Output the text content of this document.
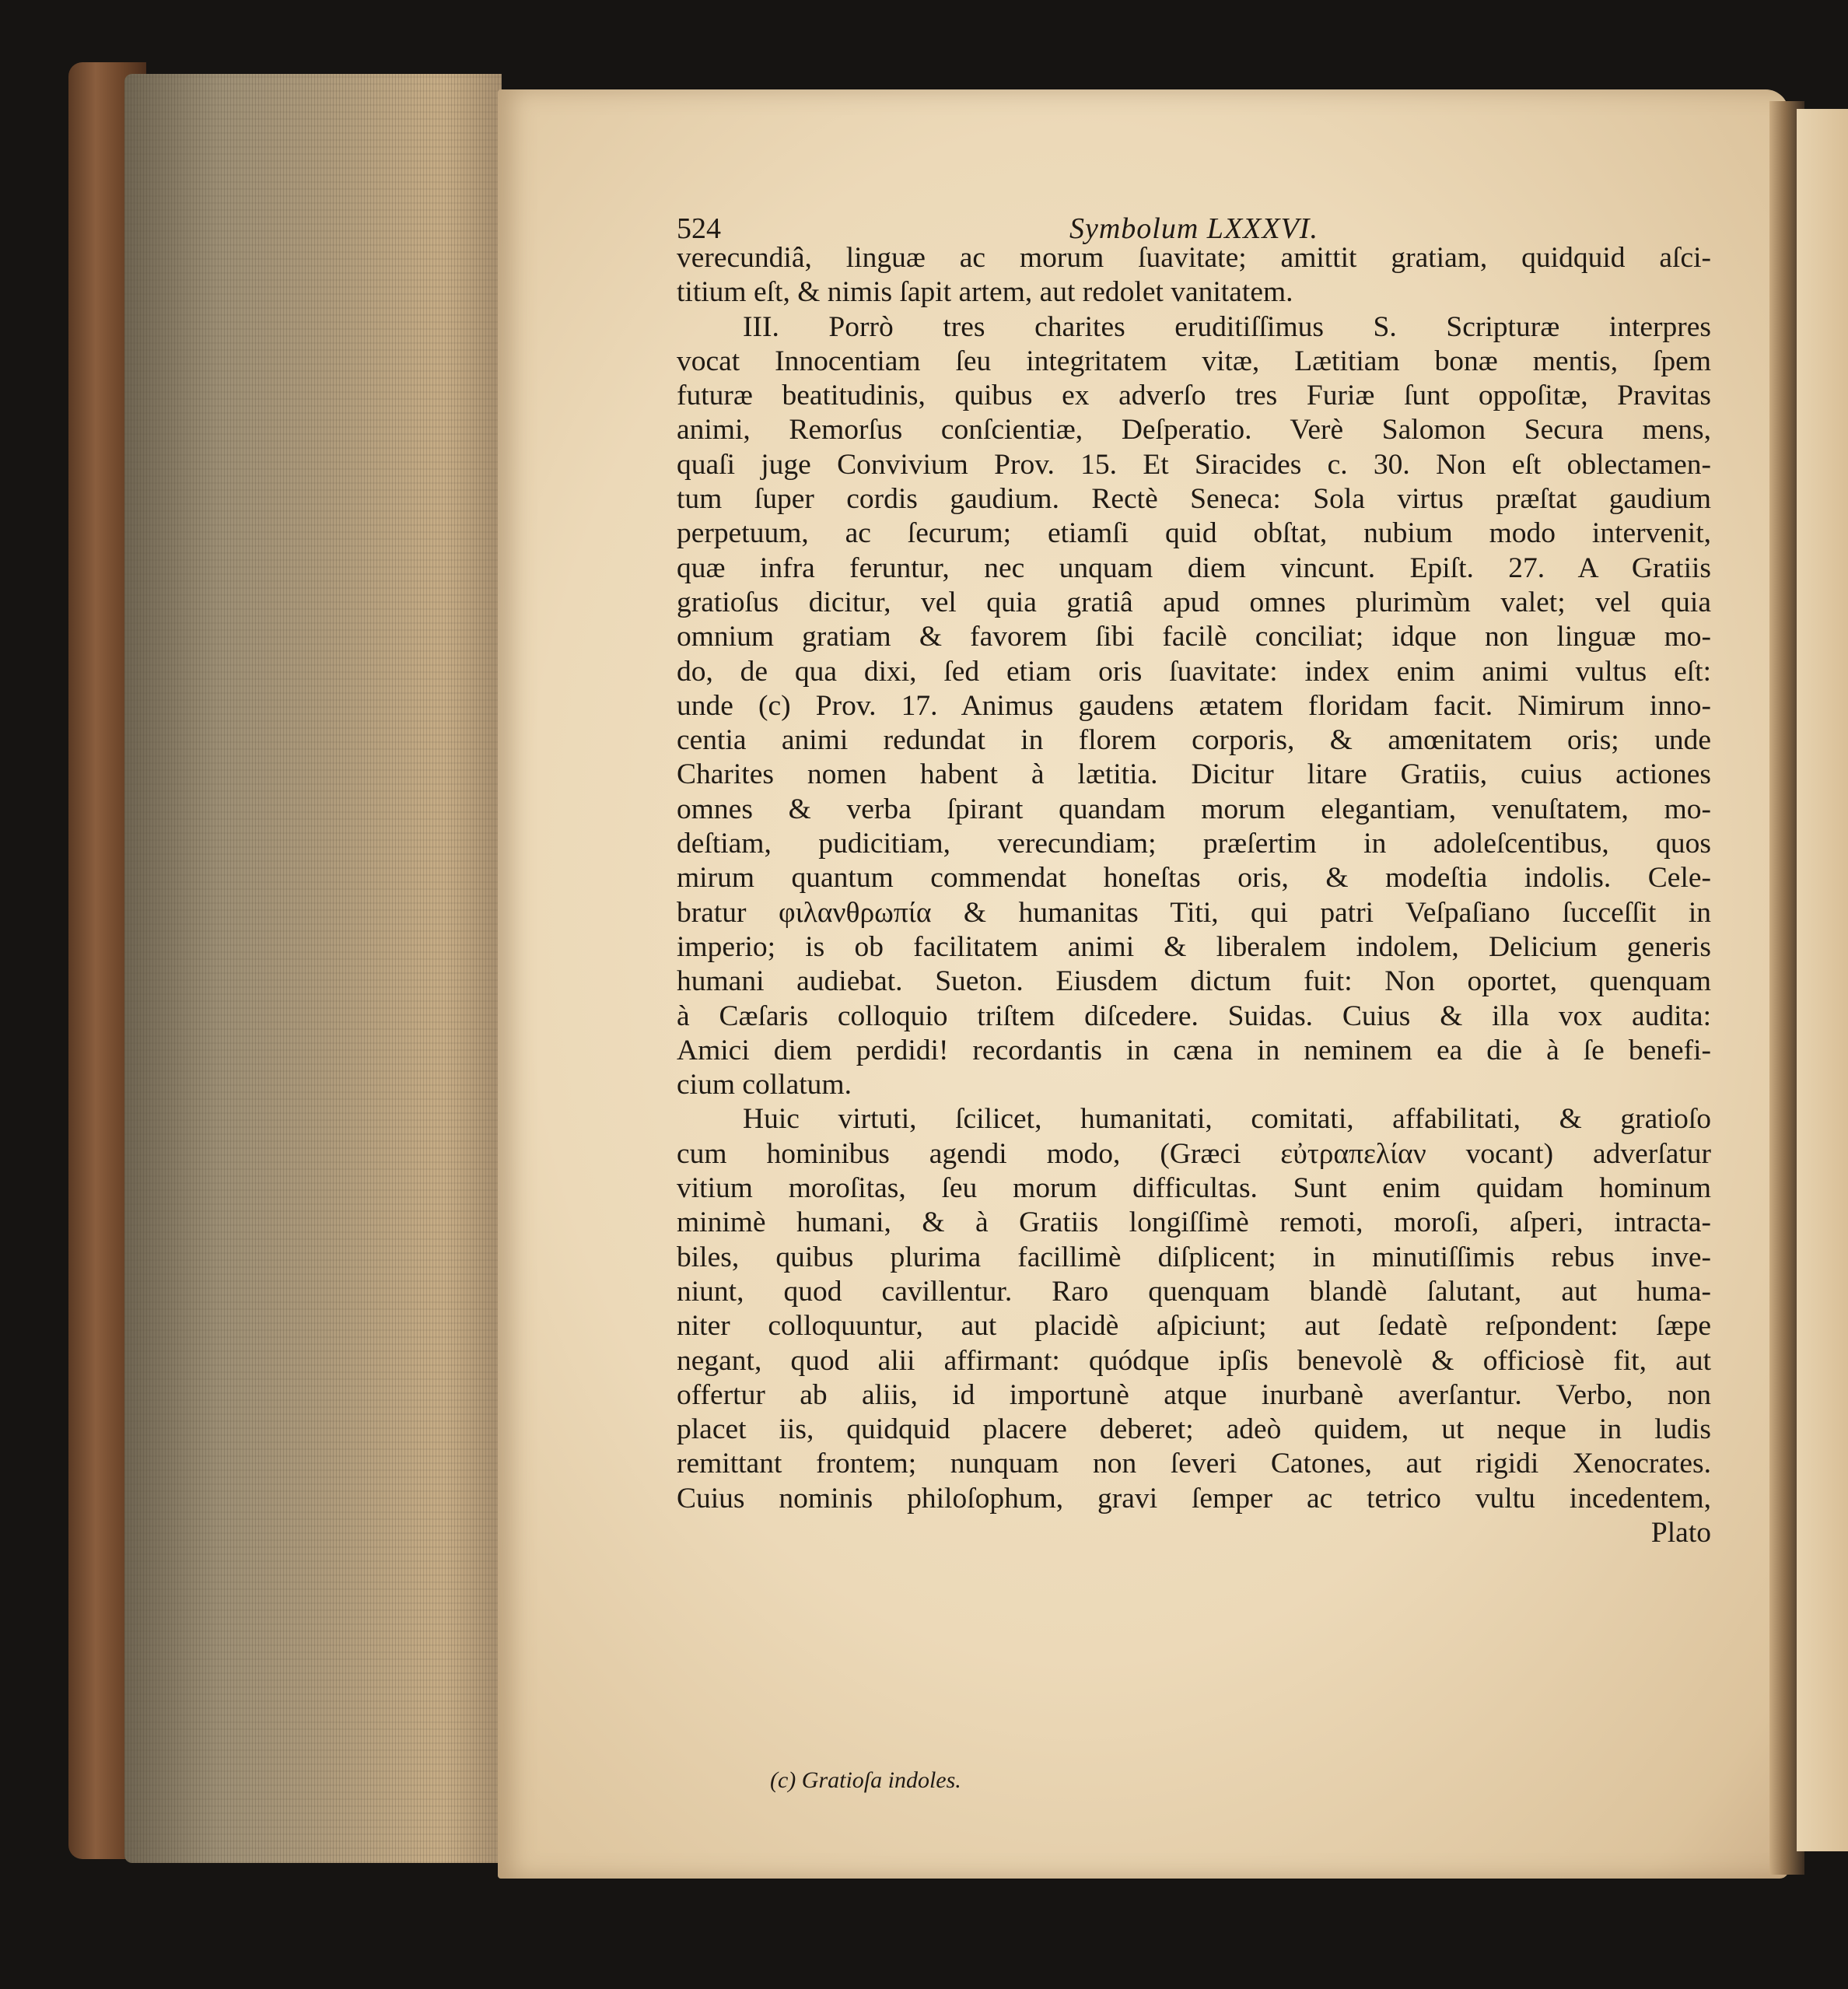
524	Symbolum LXXXVI.
verecundiâ, linguæ ac morum ſuavitate; amittit gratiam, quidquid aſci-
titium eſt, & nimis ſapit artem, aut redolet vanitatem.
III. Porrò tres charites eruditiſſimus S. Scripturæ interpres
vocat Innocentiam ſeu integritatem vitæ, Lætitiam bonæ mentis, ſpem
futuræ beatitudinis, quibus ex adverſo tres Furiæ ſunt oppoſitæ, Pravitas
animi, Remorſus conſcientiæ, Deſperatio. Verè Salomon Secura mens,
quaſi juge Convivium Prov. 15. Et Siracides c. 30. Non eſt oblectamen-
tum ſuper cordis gaudium. Rectè Seneca: Sola virtus præſtat gaudium
perpetuum, ac ſecurum; etiamſi quid obſtat, nubium modo intervenit,
quæ infra feruntur, nec unquam diem vincunt. Epiſt. 27. A Gratiis
gratioſus dicitur, vel quia gratiâ apud omnes plurimùm valet; vel quia
omnium gratiam & favorem ſibi facilè conciliat; idque non linguæ mo-
do, de qua dixi, ſed etiam oris ſuavitate: index enim animi vultus eſt:
unde (c) Prov. 17. Animus gaudens ætatem floridam facit. Nimirum inno-
centia animi redundat in florem corporis, & amœnitatem oris; unde
Charites nomen habent à lætitia. Dicitur litare Gratiis, cuius actiones
omnes & verba ſpirant quandam morum elegantiam, venuſtatem, mo-
deſtiam, pudicitiam, verecundiam; præſertim in adoleſcentibus, quos
mirum quantum commendat honeſtas oris, & modeſtia indolis. Cele-
bratur φιλανθρωπία & humanitas Titi, qui patri Veſpaſiano ſucceſſit in
imperio; is ob facilitatem animi & liberalem indolem, Delicium generis
humani audiebat. Sueton. Eiusdem dictum fuit: Non oportet, quenquam
à Cæſaris colloquio triſtem diſcedere. Suidas. Cuius & illa vox audita:
Amici diem perdidi! recordantis in cæna in neminem ea die à ſe benefi-
cium collatum.
Huic virtuti, ſcilicet, humanitati, comitati, affabilitati, & gratioſo
cum hominibus agendi modo, (Græci εὐτραπελίαν vocant) adverſatur
vitium moroſitas, ſeu morum difficultas. Sunt enim quidam hominum
minimè humani, & à Gratiis longiſſimè remoti, moroſi, aſperi, intracta-
biles, quibus plurima facillimè diſplicent; in minutiſſimis rebus inve-
niunt, quod cavillentur. Raro quenquam blandè ſalutant, aut huma-
niter colloquuntur, aut placidè aſpiciunt; aut ſedatè reſpondent: ſæpe
negant, quod alii affirmant: quódque ipſis benevolè & officiosè fit, aut
offertur ab aliis, id importunè atque inurbanè averſantur. Verbo, non
placet iis, quidquid placere deberet; adeò quidem, ut neque in ludis
remittant frontem; nunquam non ſeveri Catones, aut rigidi Xenocrates.
Cuius nominis philoſophum, gravi ſemper ac tetrico vultu incedentem,
Plato
(c) Gratioſa indoles.
